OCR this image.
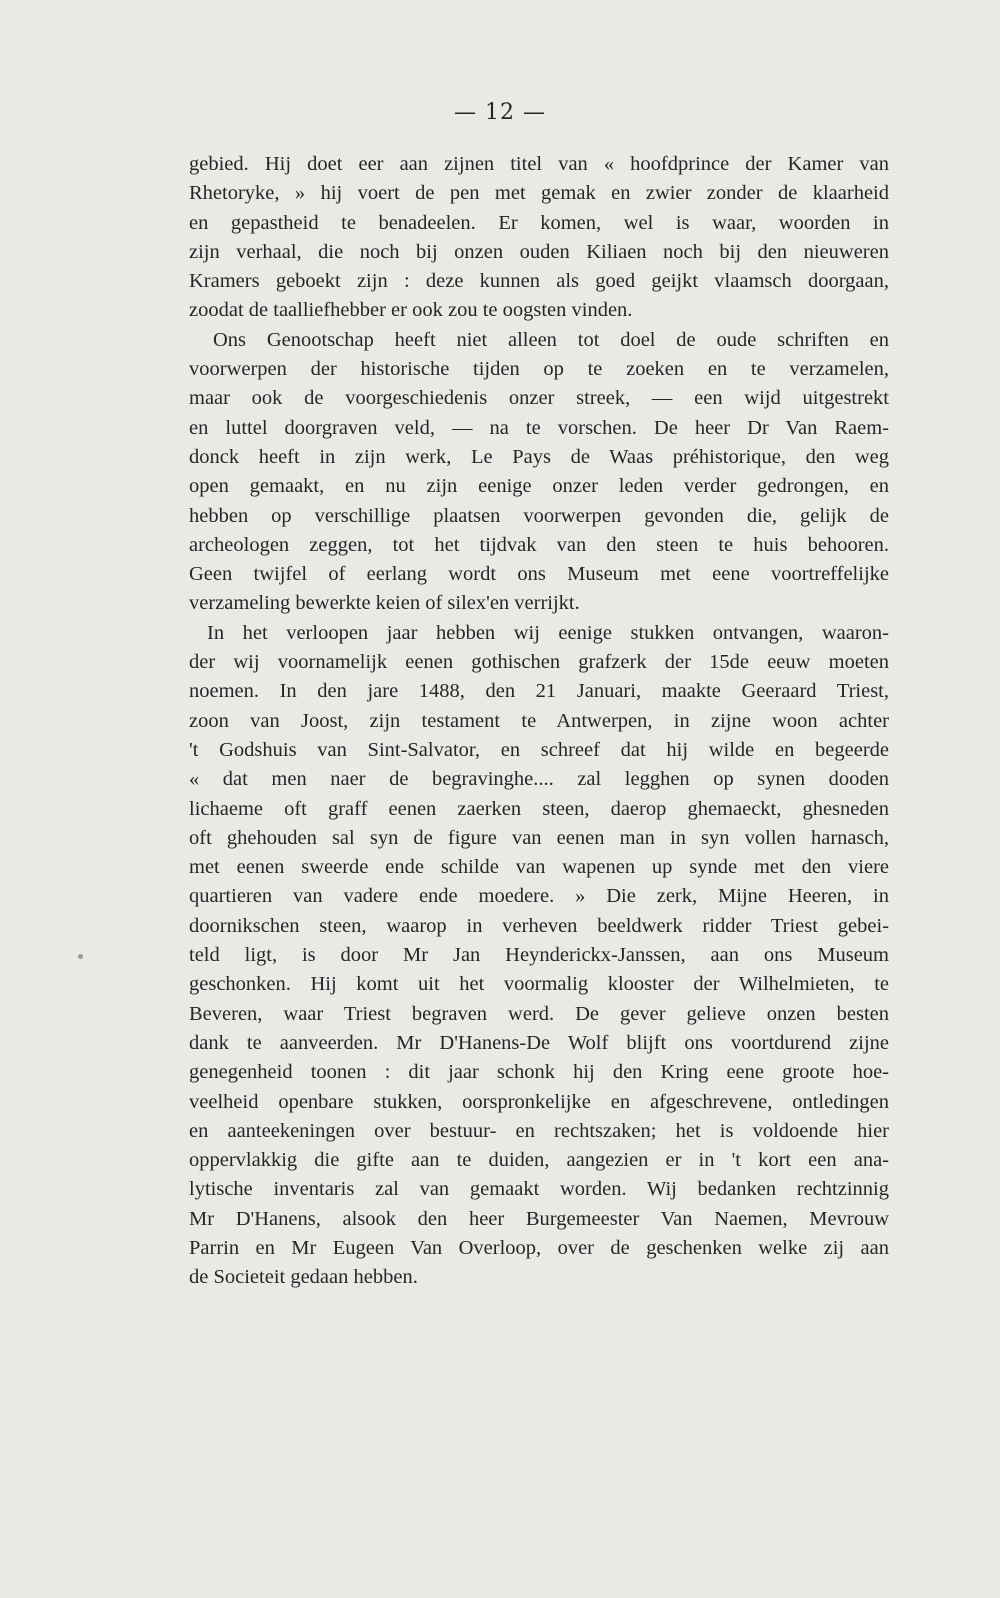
— 12 —

gebied. Hij doet eer aan zijnen titel van « hoofdprince der Kamer van
Rhetoryke, » hij voert de pen met gemak en zwier zonder de klaarheid
en gepastheid te benadeelen. Er komen, wel is waar, woorden in
zijn verhaal, die noch bij onzen ouden Kiliaen noch bij den nieuweren
Kramers geboekt zijn : deze kunnen als goed geijkt vlaamsch doorgaan,
zoodat de taalliefhebber er ook zou te oogsten vinden.

Ons Genootschap heeft niet alleen tot doel de oude schriften en
voorwerpen der historische tijden op te zoeken en te verzamelen,
maar ook de voorgeschiedenis onzer streek, — een wijd uitgestrekt
en luttel doorgraven veld, — na te vorschen. De heer Dr Van Raem-
donck heeft in zijn werk, Le Pays de Waas préhistorique, den weg
open gemaakt, en nu zijn eenige onzer leden verder gedrongen, en
hebben op verschillige plaatsen voorwerpen gevonden die, gelijk de
archeologen zeggen, tot het tijdvak van den steen te huis behooren.
Geen twijfel of eerlang wordt ons Museum met eene voortreffelijke
verzameling bewerkte keien of silex'en verrijkt.

In het verloopen jaar hebben wij eenige stukken ontvangen, waaron-
der wij voornamelijk eenen gothischen grafzerk der 15de eeuw moeten
noemen. In den jare 1488, den 21 Januari, maakte Geeraard Triest,
zoon van Joost, zijn testament te Antwerpen, in zijne woon achter
't Godshuis van Sint-Salvator, en schreef dat hij wilde en begeerde
« dat men naer de begravinghe.... zal legghen op synen dooden
lichaeme oft graff eenen zaerken steen, daerop ghemaeckt, ghesneden
oft ghehouden sal syn de figure van eenen man in syn vollen harnasch,
met eenen sweerde ende schilde van wapenen up synde met den viere
quartieren van vadere ende moedere. » Die zerk, Mijne Heeren, in
doornikschen steen, waarop in verheven beeldwerk ridder Triest gebei-
teld ligt, is door Mr Jan Heynderickx-Janssen, aan ons Museum
geschonken. Hij komt uit het voormalig klooster der Wilhelmieten, te
Beveren, waar Triest begraven werd. De gever gelieve onzen besten
dank te aanveerden. Mr D'Hanens-De Wolf blijft ons voortdurend zijne
genegenheid toonen : dit jaar schonk hij den Kring eene groote hoe-
veelheid openbare stukken, oorspronkelijke en afgeschrevene, ontledingen
en aanteekeningen over bestuur- en rechtszaken; het is voldoende hier
oppervlakkig die gifte aan te duiden, aangezien er in 't kort een ana-
lytische inventaris zal van gemaakt worden. Wij bedanken rechtzinnig
Mr D'Hanens, alsook den heer Burgemeester Van Naemen, Mevrouw
Parrin en Mr Eugeen Van Overloop, over de geschenken welke zij aan
de Societeit gedaan hebben.
